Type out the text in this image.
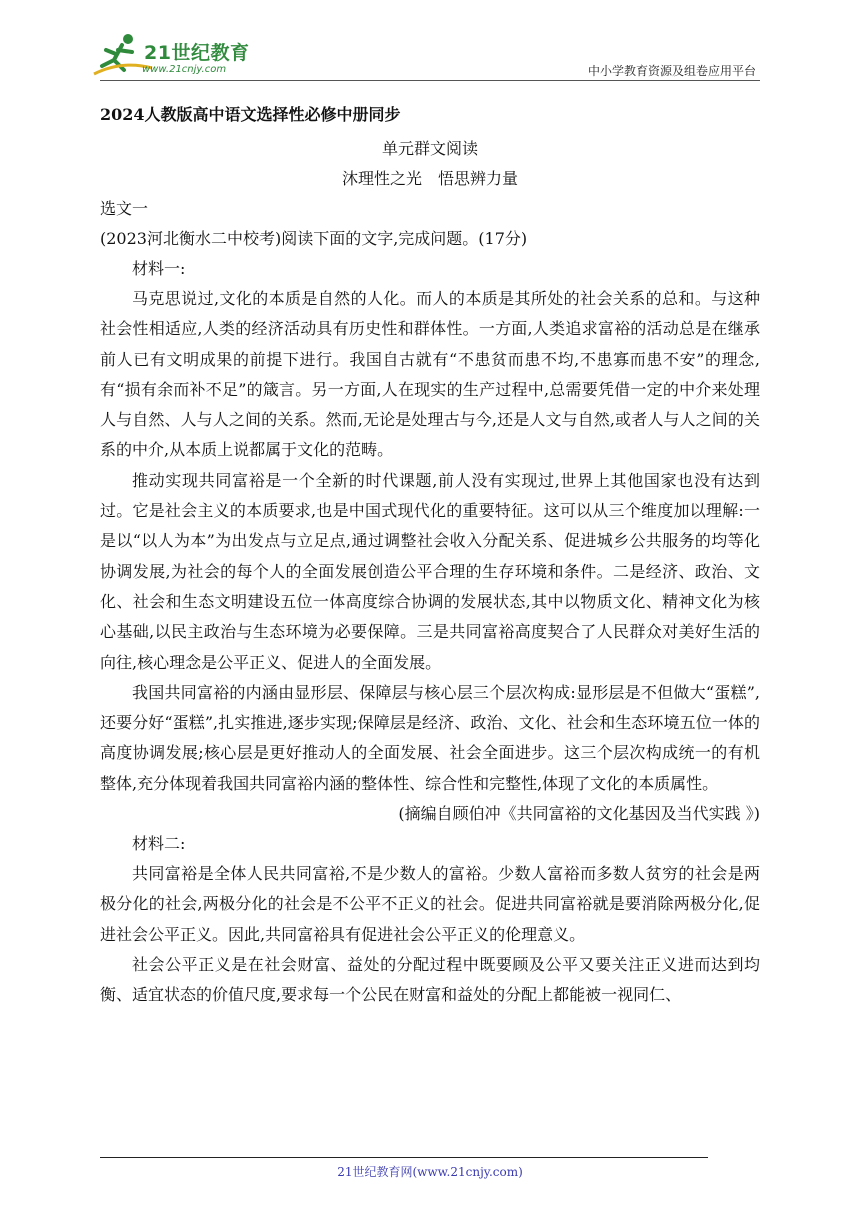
21世纪教育
www.21cnjy.com	中小学教育资源及组卷应用平台
2024人教版高中语文选择性必修中册同步
单元群文阅读
沐理性之光　悟思辨力量
选文一
(2023河北衡水二中校考)阅读下面的文字,完成问题。(17分)
材料一:
马克思说过,文化的本质是自然的人化。而人的本质是其所处的社会关系的总和。与这种社会性相适应,人类的经济活动具有历史性和群体性。一方面,人类追求富裕的活动总是在继承前人已有文明成果的前提下进行。我国自古就有“不患贫而患不均,不患寡而患不安”的理念,有“损有余而补不足”的箴言。另一方面,人在现实的生产过程中,总需要凭借一定的中介来处理人与自然、人与人之间的关系。然而,无论是处理古与今,还是人文与自然,或者人与人之间的关系的中介,从本质上说都属于文化的范畴。
推动实现共同富裕是一个全新的时代课题,前人没有实现过,世界上其他国家也没有达到过。它是社会主义的本质要求,也是中国式现代化的重要特征。这可以从三个维度加以理解:一是以“以人为本”为出发点与立足点,通过调整社会收入分配关系、促进城乡公共服务的均等化协调发展,为社会的每个人的全面发展创造公平合理的生存环境和条件。二是经济、政治、文化、社会和生态文明建设五位一体高度综合协调的发展状态,其中以物质文化、精神文化为核心基础,以民主政治与生态环境为必要保障。三是共同富裕高度契合了人民群众对美好生活的向往,核心理念是公平正义、促进人的全面发展。
我国共同富裕的内涵由显形层、保障层与核心层三个层次构成:显形层是不但做大“蛋糕”,还要分好“蛋糕”,扎实推进,逐步实现;保障层是经济、政治、文化、社会和生态环境五位一体的高度协调发展;核心层是更好推动人的全面发展、社会全面进步。这三个层次构成统一的有机整体,充分体现着我国共同富裕内涵的整体性、综合性和完整性,体现了文化的本质属性。
(摘编自顾伯冲《共同富裕的文化基因及当代实践 》)
材料二:
共同富裕是全体人民共同富裕,不是少数人的富裕。少数人富裕而多数人贫穷的社会是两极分化的社会,两极分化的社会是不公平不正义的社会。促进共同富裕就是要消除两极分化,促进社会公平正义。因此,共同富裕具有促进社会公平正义的伦理意义。
社会公平正义是在社会财富、益处的分配过程中既要顾及公平又要关注正义进而达到均衡、适宜状态的价值尺度,要求每一个公民在财富和益处的分配上都能被一视同仁、
21世纪教育网(www.21cnjy.com)
